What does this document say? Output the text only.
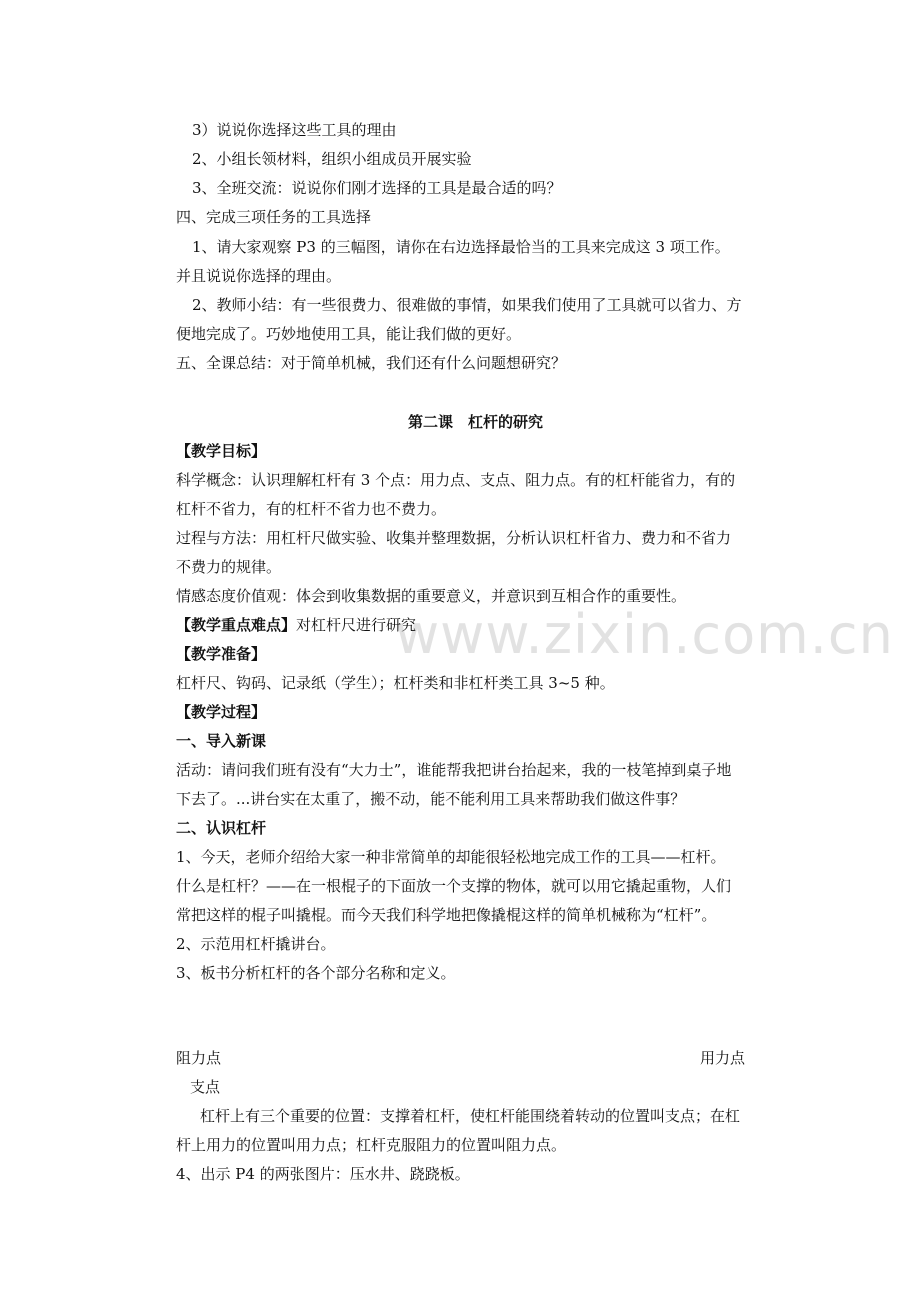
www.zixin.com.cn
3）说说你选择这些工具的理由
2、小组长领材料，组织小组成员开展实验
3、全班交流：说说你们刚才选择的工具是最合适的吗？
四、完成三项任务的工具选择
1、请大家观察 P3 的三幅图，请你在右边选择最恰当的工具来完成这 3 项工作。
并且说说你选择的理由。
2、教师小结：有一些很费力、很难做的事情，如果我们使用了工具就可以省力、方
便地完成了。巧妙地使用工具，能让我们做的更好。
五、全课总结：对于简单机械，我们还有什么问题想研究？
第二课　杠杆的研究
【教学目标】
科学概念：认识理解杠杆有 3 个点：用力点、支点、阻力点。有的杠杆能省力，有的
杠杆不省力，有的杠杆不省力也不费力。
过程与方法：用杠杆尺做实验、收集并整理数据，分析认识杠杆省力、费力和不省力
不费力的规律。
情感态度价值观：体会到收集数据的重要意义，并意识到互相合作的重要性。
【教学重点难点】对杠杆尺进行研究
【教学准备】
杠杆尺、钩码、记录纸（学生）；杠杆类和非杠杆类工具 3~5 种。
【教学过程】
一、导入新课
活动：请问我们班有没有“大力士”，谁能帮我把讲台抬起来，我的一枝笔掉到桌子地
下去了。...讲台实在太重了，搬不动，能不能利用工具来帮助我们做这件事？
二、认识杠杆
1、今天，老师介绍给大家一种非常简单的却能很轻松地完成工作的工具——杠杆。
什么是杠杆？——在一根棍子的下面放一个支撑的物体，就可以用它撬起重物，人们
常把这样的棍子叫撬棍。而今天我们科学地把像撬棍这样的简单机械称为“杠杆”。
2、示范用杠杆撬讲台。
3、板书分析杠杆的各个部分名称和定义。
阻力点	用力点
支点
杠杆上有三个重要的位置：支撑着杠杆，使杠杆能围绕着转动的位置叫支点；在杠
杆上用力的位置叫用力点；杠杆克服阻力的位置叫阻力点。
4、出示 P4 的两张图片：压水井、跷跷板。
